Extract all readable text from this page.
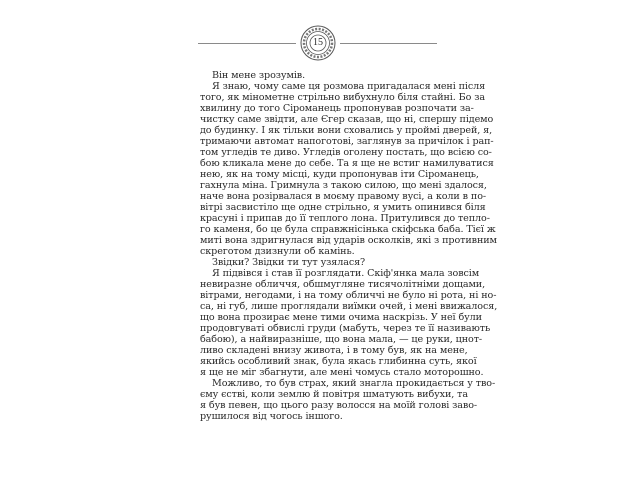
15
Він мене зрозумів.
Я знаю, чому саме ця розмова пригадалася мені після
того, як мінометне стрільно вибухнуло біля стайні. Бо за
хвилину до того Сіроманець пропонував розпочати за-
чистку саме звідти, але Єгер сказав, що ні, спершу підемо
до будинку. І як тільки вони сховались у проймі дверей, я,
тримаючи автомат напоготові, заглянув за причілок і рап-
том угледів те диво. Угледів оголену постать, що всією со-
бою кликала мене до себе. Та я ще не встиг намилуватися
нею, як на тому місці, куди пропонував іти Сіроманець,
гахнула міна. Гримнула з такою силою, що мені здалося,
наче вона розірвалася в моєму правому вусі, а коли в по-
вітрі засвистіло ще одне стрільно, я умить опинився біля
красуні і припав до її теплого лона. Притулився до тепло-
го каменя, бо це була справжнісінька скіфська баба. Тієї ж
миті вона здригнулася від ударів осколків, які з противним
скреготом дзизнули об камінь.
Звідки? Звідки ти тут узялася?
Я підвівся і став її розглядати. Скіф'янка мала зовсім
невиразне обличчя, обшмугляне тисячолітніми дощами,
вітрами, негодами, і на тому обличчі не було ні рота, ні но-
са, ні губ, лише проглядали виїмки очей, і мені ввижалося,
що вона прозирає мене тими очима наскрізь. У неї були
продовгуваті обвислі груди (мабуть, через те її називають
бабою), а найвиразніше, що вона мала, — це руки, цнот-
ливо складені внизу живота, і в тому був, як на мене,
якийсь особливий знак, була якась глибинна суть, якої
я ще не міг збагнути, але мені чомусь стало моторошно.
Можливо, то був страх, який знагла прокидається у тво-
єму єстві, коли землю й повітря шматують вибухи, та
я був певен, що цього разу волосся на моїй голові заво-
рушилося від чогось іншого.
